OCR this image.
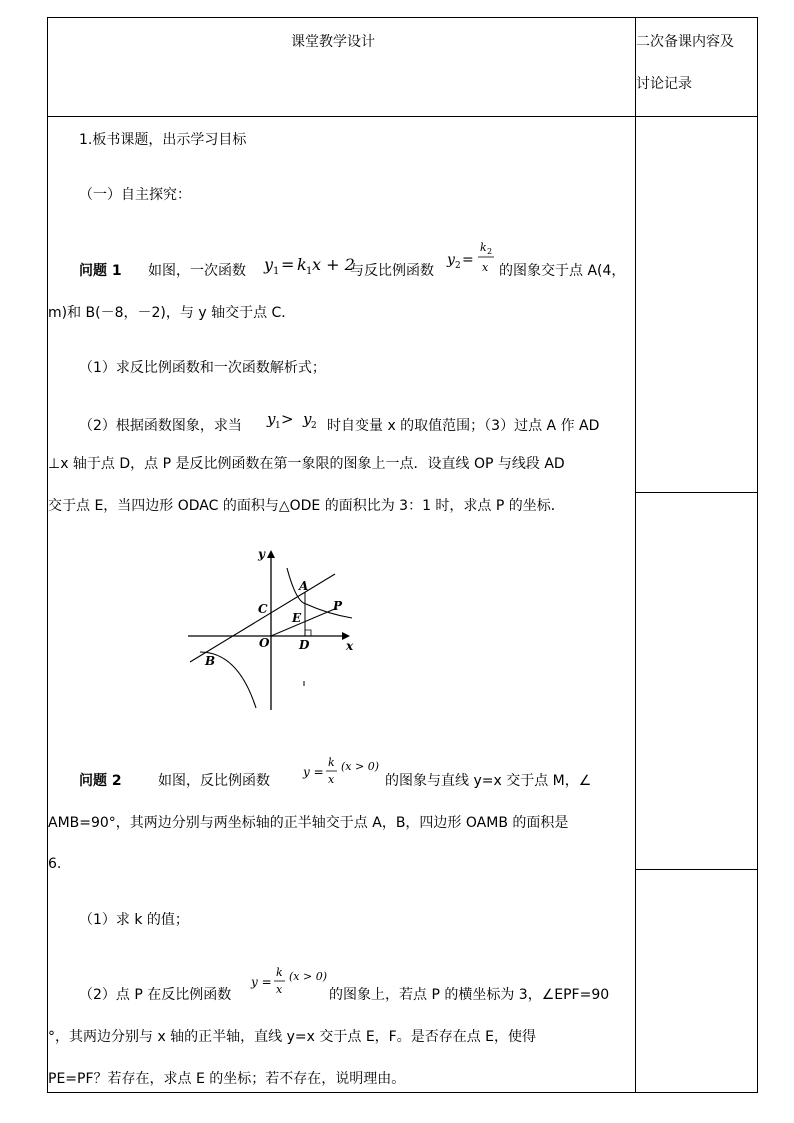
课堂教学设计	二次备课内容及
讨论记录
1.板书课题，出示学习目标
（一）自主探究：
问题 1 如图，一次函数 y 1 = k 1 x + 2
与反比例函数
y 2 =
k 2
x 的图象交于点 A(4，
m)和 B(－8，－2)，与 y 轴交于点 C．
（1）求反比例函数和一次函数解析式；
（2）根据函数图象，求当 y 1 > y 2 时自变量 x 的取值范围；（3）过点 A 作 AD
⊥x 轴于点 D，点 P 是反比例函数在第一象限的图象上一点．设直线 OP 与线段 AD
交于点 E，当四边形 ODAC 的面积与△ODE 的面积比为 3：1 时，求点 P 的坐标．
y
x
O
A
B
C
D
E
P
问题 2	如图，反比例函数
y =
k
x
(x > 0)
的图象与直线 y=x 交于点 M，∠
AMB=90°，其两边分别与两坐标轴的正半轴交于点 A，B，四边形 OAMB 的面积是
6.
（1）求 k 的值；
（2）点 P 在反比例函数
y =
k
x
(x > 0)
的图象上，若点 P 的横坐标为 3，∠EPF=90
°，其两边分别与 x 轴的正半轴，直线 y=x 交于点 E，F。是否存在点 E，使得
PE=PF？若存在，求点 E 的坐标；若不存在，说明理由。
